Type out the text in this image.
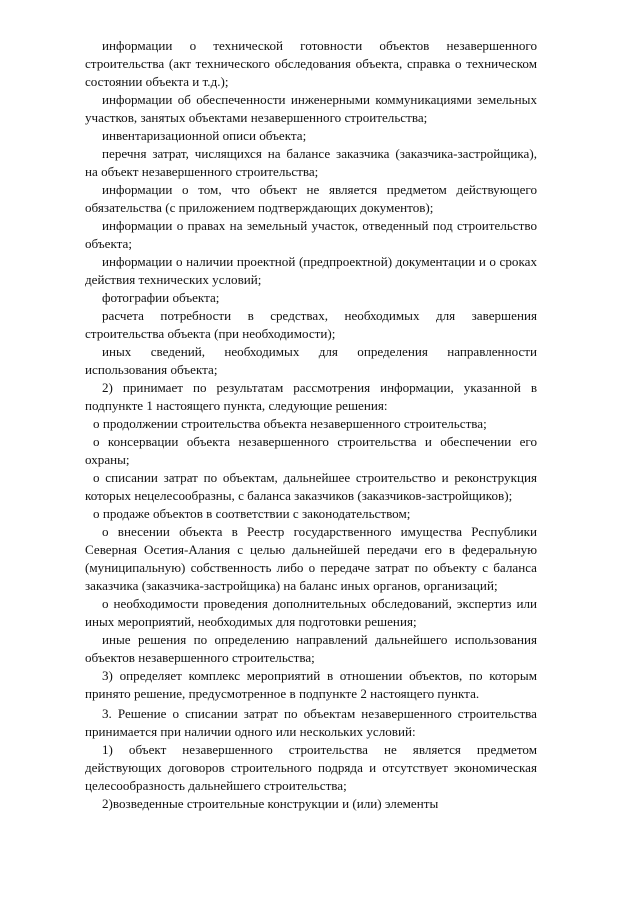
информации о технической готовности объектов незавершенного строительства (акт технического обследования объекта, справка о техническом состоянии объекта и т.д.);

информации об обеспеченности инженерными коммуникациями земельных участков, занятых объектами незавершенного строительства;

инвентаризационной описи объекта;

перечня затрат, числящихся на балансе заказчика (заказчика-застройщика), на объект незавершенного строительства;

информации о том, что объект не является предметом действующего обязательства (с приложением подтверждающих документов);

информации о правах на земельный участок, отведенный под строительство объекта;

информации о наличии проектной (предпроектной) документации и о сроках действия технических условий;

фотографии объекта;

расчета потребности в средствах, необходимых для завершения строительства объекта (при необходимости);

иных сведений, необходимых для определения направленности использования объекта;

2) принимает по результатам рассмотрения информации, указанной в подпункте 1 настоящего пункта, следующие решения:

о продолжении строительства объекта незавершенного строительства;

о консервации объекта незавершенного строительства и обеспечении его охраны;

о списании затрат по объектам, дальнейшее строительство и реконструкция которых нецелесообразны, с баланса заказчиков (заказчиков-застройщиков);

о продаже объектов в соответствии с законодательством;

о внесении объекта в Реестр государственного имущества Республики Северная Осетия-Алания с целью дальнейшей передачи его в федеральную (муниципальную) собственность либо о передаче затрат по объекту с баланса заказчика (заказчика-застройщика) на баланс иных органов, организаций;

о необходимости проведения дополнительных обследований, экспертиз или иных мероприятий, необходимых для подготовки решения;

иные решения по определению направлений дальнейшего использования объектов незавершенного строительства;

3) определяет комплекс мероприятий в отношении объектов, по которым принято решение, предусмотренное в подпункте 2 настоящего пункта.

3. Решение о списании затрат по объектам незавершенного строительства принимается при наличии одного или нескольких условий:

1) объект незавершенного строительства не является предметом действующих договоров строительного подряда и отсутствует экономическая целесообразность дальнейшего строительства;

2)возведенные строительные конструкции и (или) элементы
